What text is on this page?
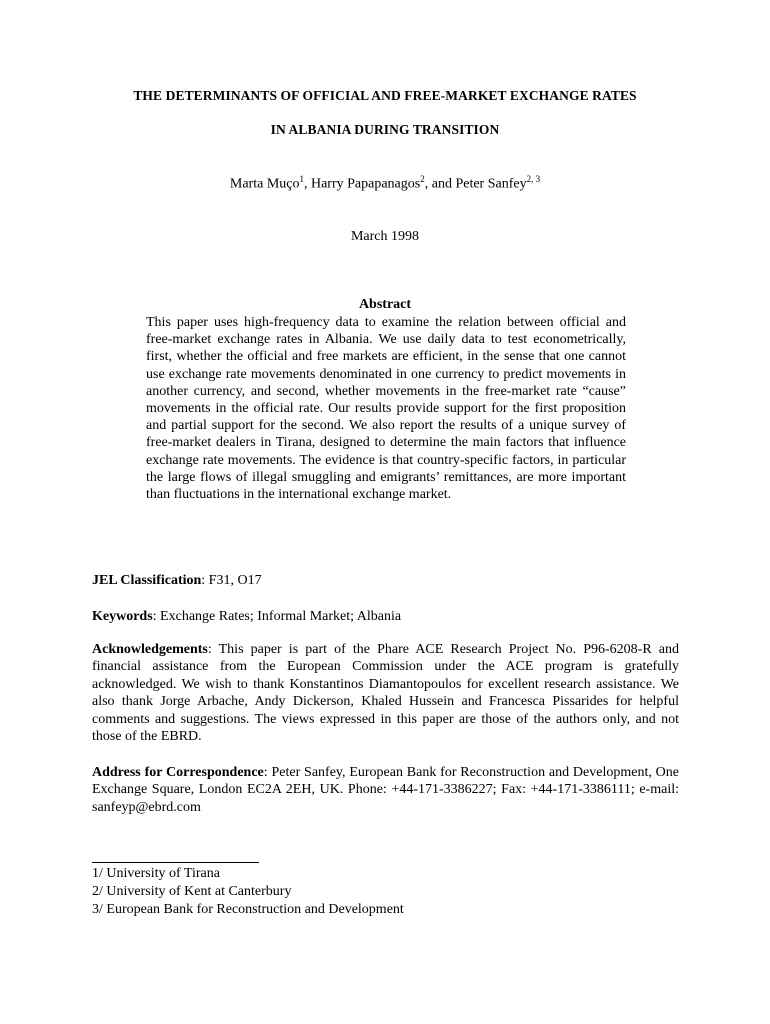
THE DETERMINANTS OF OFFICIAL AND FREE-MARKET EXCHANGE RATES
IN ALBANIA DURING TRANSITION
Marta Muço$^1$, Harry Papapanagos$^2$, and Peter Sanfey$^{2, 3}$
March 1998
Abstract
This paper uses high-frequency data to examine the relation between official and free-market exchange rates in Albania. We use daily data to test econometrically, first, whether the official and free markets are efficient, in the sense that one cannot use exchange rate movements denominated in one currency to predict movements in another currency, and second, whether movements in the free-market rate “cause” movements in the official rate. Our results provide support for the first proposition and partial support for the second. We also report the results of a unique survey of free-market dealers in Tirana, designed to determine the main factors that influence exchange rate movements. The evidence is that country-specific factors, in particular the large flows of illegal smuggling and emigrants’ remittances, are more important than fluctuations in the international exchange market.
JEL Classification: F31, O17
Keywords: Exchange Rates; Informal Market; Albania
Acknowledgements: This paper is part of the Phare ACE Research Project No. P96-6208-R and financial assistance from the European Commission under the ACE program is gratefully acknowledged. We wish to thank Konstantinos Diamantopoulos for excellent research assistance. We also thank Jorge Arbache, Andy Dickerson, Khaled Hussein and Francesca Pissarides for helpful comments and suggestions. The views expressed in this paper are those of the authors only, and not those of the EBRD.
Address for Correspondence: Peter Sanfey, European Bank for Reconstruction and Development, One Exchange Square, London EC2A 2EH, UK. Phone: +44-171-3386227; Fax: +44-171-3386111; e-mail: sanfeyp@ebrd.com
1/ University of Tirana
2/ University of Kent at Canterbury
3/ European Bank for Reconstruction and Development
